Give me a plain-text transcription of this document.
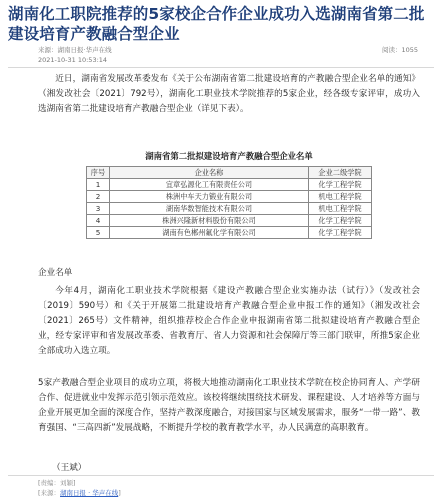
湖南化工职院推荐的5家校企合作企业成功入选湖南省第二批建设培育产教融合型企业
来源：湖南日报·华声在线	阅读：1055
2021-10-31 10:53:14

近日，湖南省发展改革委发布《关于公布湖南省第二批建设培育的产教融合型企业名单的通知》（湘发改社会〔2021〕792号），湖南化工职业技术学院推荐的5家企业，经各级专家评审，成功入选湖南省第二批建设培育产教融合型企业（详见下表）。

湖南省第二批拟建设培育产教融合型企业名单
序号	企业名称	企业二级学院
1	宜章弘源化工有限责任公司	化学工程学院
2	株洲中车天力锻业有限公司	机电工程学院
3	湖南华数智能技术有限公司	机电工程学院
4	株洲兴隆新材料股份有限公司	化学工程学院
5	湖南有色郴州氟化学有限公司	化学工程学院
企业名单

今年4月，湖南化工职业技术学院根据《建设产教融合型企业实施办法（试行）》（发改社会〔2019〕590号）和《关于开展第二批建设培育产教融合型企业申报工作的通知》（湘发改社会〔2021〕265号）文件精神，组织推荐校企合作企业申报湖南省第二批拟建设培育产教融合型企业，经专家评审和省发展改革委、省教育厅、省人力资源和社会保障厅等三部门联审，所推5家企业全部成功入选立项。

5家产教融合型企业项目的成功立项，将极大地推动湖南化工职业技术学院在校企协同育人、产学研合作、促进就业中发挥示范引领示范效应。该校将继续围绕技术研发、课程建设、人才培养等方面与企业开展更加全面的深度合作，坚持产教深度融合，对接国家与区域发展需求，服务“一带一路”、教育强国、“三高四新”发展战略，不断提升学校的教育教学水平，办人民满意的高职教育。

（王斌）
[责编：刘颖]
[来源：湖南日报 · 华声在线]
